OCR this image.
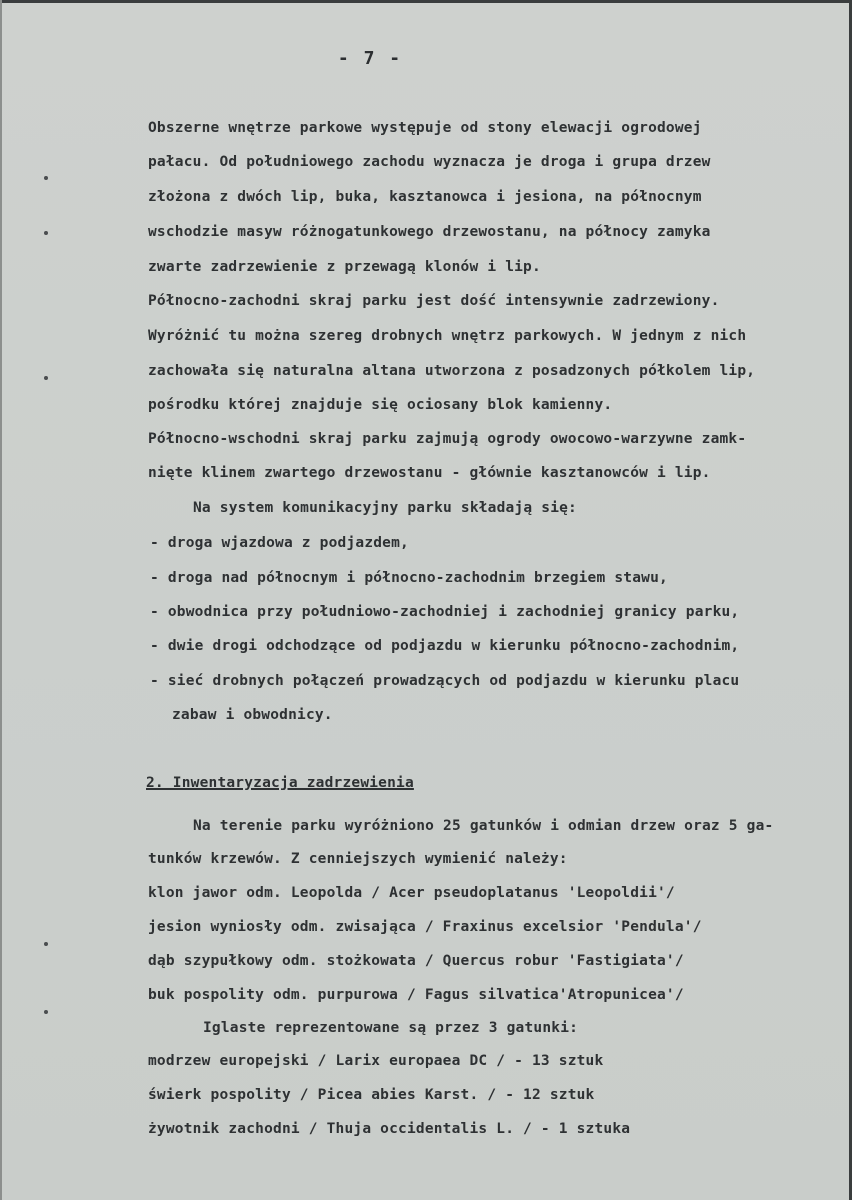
- 7 -
Obszerne wnętrze parkowe występuje od stony elewacji ogrodowej
pałacu. Od południowego zachodu wyznacza je droga i grupa drzew
złożona z dwóch lip, buka, kasztanowca i jesiona, na północnym
wschodzie masyw różnogatunkowego drzewostanu, na północy zamyka
zwarte zadrzewienie z przewagą klonów i lip.
Północno-zachodni skraj parku jest dość intensywnie zadrzewiony.
Wyróżnić tu można szereg drobnych wnętrz parkowych. W jednym z nich
zachowała się naturalna altana utworzona z posadzonych półkolem lip,
pośrodku której znajduje się ociosany blok kamienny.
Północno-wschodni skraj parku zajmują ogrody owocowo-warzywne zamk-
nięte klinem zwartego drzewostanu - głównie kasztanowców i lip.
Na system komunikacyjny parku składają się:
- droga wjazdowa z podjazdem,
- droga nad północnym i północno-zachodnim brzegiem stawu,
- obwodnica przy południowo-zachodniej i zachodniej granicy parku,
- dwie drogi odchodzące od podjazdu w kierunku północno-zachodnim,
- sieć drobnych połączeń prowadzących od podjazdu w kierunku placu
zabaw i obwodnicy.
2. Inwentaryzacja zadrzewienia
Na terenie parku wyróżniono 25 gatunków i odmian drzew oraz 5 ga-
tunków krzewów. Z cenniejszych wymienić należy:
klon jawor odm. Leopolda / Acer pseudoplatanus 'Leopoldii'/
jesion wyniosły odm. zwisająca / Fraxinus excelsior 'Pendula'/
dąb szypułkowy odm. stożkowata / Quercus robur 'Fastigiata'/
buk pospolity odm. purpurowa / Fagus silvatica'Atropunicea'/
Iglaste reprezentowane są przez 3 gatunki:
modrzew europejski / Larix europaea DC / - 13 sztuk
świerk pospolity / Picea abies Karst. / - 12 sztuk
żywotnik zachodni / Thuja occidentalis L. / - 1 sztuka
